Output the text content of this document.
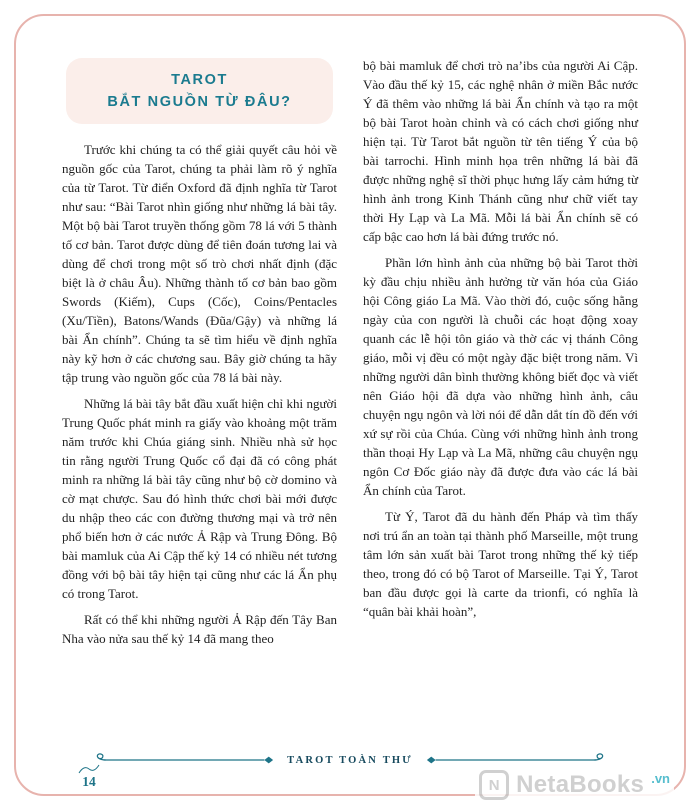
TAROT
BẮT NGUỒN TỪ ĐÂU?

Trước khi chúng ta có thể giải quyết câu hỏi về nguồn gốc của Tarot, chúng ta phải làm rõ ý nghĩa của từ Tarot. Từ điển Oxford đã định nghĩa từ Tarot như sau: “Bài Tarot nhìn giống như những lá bài tây. Một bộ bài Tarot truyền thống gồm 78 lá với 5 thành tố cơ bản. Tarot được dùng để tiên đoán tương lai và dùng để chơi trong một số trò chơi nhất định (đặc biệt là ở châu Âu). Những thành tố cơ bản bao gồm Swords (Kiếm), Cups (Cốc), Coins/Pentacles (Xu/Tiền), Batons/Wands (Đũa/Gậy) và những lá bài Ẩn chính”. Chúng ta sẽ tìm hiểu về định nghĩa này kỹ hơn ở các chương sau. Bây giờ chúng ta hãy tập trung vào nguồn gốc của 78 lá bài này.

Những lá bài tây bắt đầu xuất hiện chỉ khi người Trung Quốc phát minh ra giấy vào khoảng một trăm năm trước khi Chúa giáng sinh. Nhiều nhà sử học tin rằng người Trung Quốc cổ đại đã có công phát minh ra những lá bài tây cũng như bộ cờ domino và cờ mạt chược. Sau đó hình thức chơi bài mới được du nhập theo các con đường thương mại và trở nên phổ biến hơn ở các nước Ả Rập và Trung Đông. Bộ bài mamluk của Ai Cập thế kỷ 14 có nhiều nét tương đồng với bộ bài tây hiện tại cũng như các lá Ẩn phụ có trong Tarot.

Rất có thể khi những người Ả Rập đến Tây Ban Nha vào nửa sau thế kỷ 14 đã mang theo

bộ bài mamluk để chơi trò na’ibs của người Ai Cập. Vào đầu thế kỷ 15, các nghệ nhân ở miền Bắc nước Ý đã thêm vào những lá bài Ẩn chính và tạo ra một bộ bài Tarot hoàn chỉnh và có cách chơi giống như hiện tại. Từ Tarot bắt nguồn từ tên tiếng Ý của bộ bài tarrochi. Hình minh họa trên những lá bài đã được những nghệ sĩ thời phục hưng lấy cảm hứng từ hình ảnh trong Kinh Thánh cũng như chữ viết tay thời Hy Lạp và La Mã. Mỗi lá bài Ẩn chính sẽ có cấp bậc cao hơn lá bài đứng trước nó.

Phần lớn hình ảnh của những bộ bài Tarot thời kỳ đầu chịu nhiều ảnh hưởng từ văn hóa của Giáo hội Công giáo La Mã. Vào thời đó, cuộc sống hằng ngày của con người là chuỗi các hoạt động xoay quanh các lễ hội tôn giáo và thờ các vị thánh Công giáo, mỗi vị đều có một ngày đặc biệt trong năm. Vì những người dân bình thường không biết đọc và viết nên Giáo hội đã dựa vào những hình ảnh, câu chuyện ngụ ngôn và lời nói để dẫn dắt tín đồ đến với xứ sự rồi của Chúa. Cùng với những hình ảnh trong thần thoại Hy Lạp và La Mã, những câu chuyện ngụ ngôn Cơ Đốc giáo này đã được đưa vào các lá bài Ẩn chính của Tarot.

Từ Ý, Tarot đã du hành đến Pháp và tìm thấy nơi trú ẩn an toàn tại thành phố Marseille, một trung tâm lớn sản xuất bài Tarot trong những thế kỷ tiếp theo, trong đó có bộ Tarot of Marseille. Tại Ý, Tarot ban đầu được gọi là carte da trionfi, có nghĩa là “quân bài khải hoàn”,

TAROT TOÀN THƯ
14	N NetaBooks .vn
